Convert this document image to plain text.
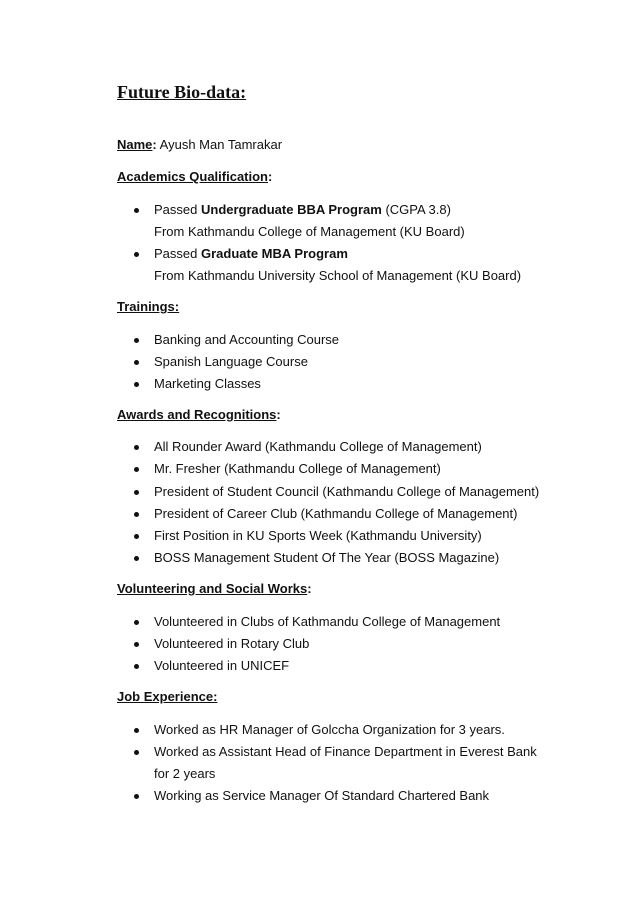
Future Bio-data:
Name: Ayush Man Tamrakar
Academics Qualification:
Passed Undergraduate BBA Program (CGPA 3.8)
From Kathmandu College of Management (KU Board)
Passed Graduate MBA Program
From Kathmandu University School of Management (KU Board)
Trainings:
Banking and Accounting Course
Spanish Language Course
Marketing Classes
Awards and Recognitions:
All Rounder Award (Kathmandu College of Management)
Mr. Fresher (Kathmandu College of Management)
President of Student Council (Kathmandu College of Management)
President of Career Club (Kathmandu College of Management)
First Position in KU Sports Week (Kathmandu University)
BOSS Management Student Of The Year (BOSS Magazine)
Volunteering and Social Works:
Volunteered in Clubs of Kathmandu College of Management
Volunteered in Rotary Club
Volunteered in UNICEF
Job Experience:
Worked as HR Manager of Golccha Organization for 3 years.
Worked as Assistant Head of Finance Department in Everest Bank
for 2 years
Working as Service Manager Of Standard Chartered Bank
